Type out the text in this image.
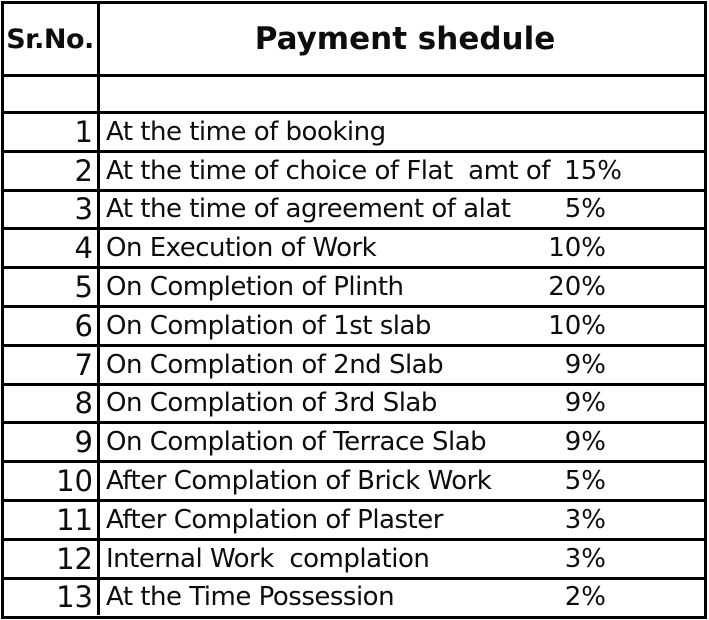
Sr.No.	Payment shedule
1 At the time of booking
2 At the time of choice of Flat  amt of 15%
3 At the time of agreement of alat	5%
4 On Execution of Work	10%
5 On Completion of Plinth	20%
6 On Complation of 1st slab	10%
7 On Complation of 2nd Slab	9%
8 On Complation of 3rd Slab	9%
9 On Complation of Terrace Slab	9%
10 After Complation of Brick Work	5%
11 After Complation of Plaster	3%
12 Internal Work  complation	3%
13 At the Time Possession	2%
